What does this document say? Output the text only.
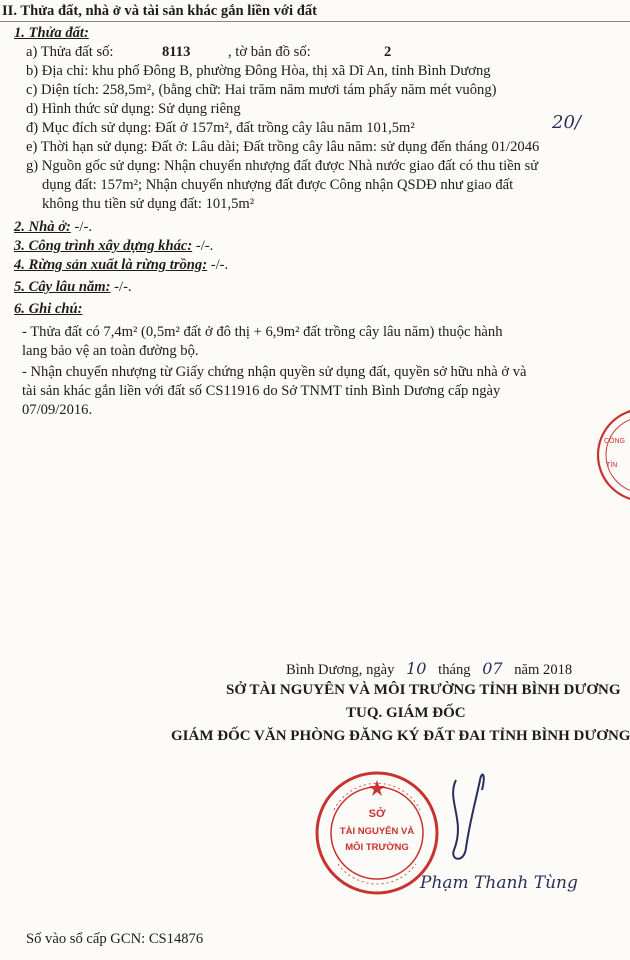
II. Thửa đất, nhà ở và tài sản khác gắn liền với đất
1. Thửa đất:
a) Thửa đất số:	8113	, tờ bản đồ số:	2
b) Địa chỉ: khu phố Đông B, phường Đông Hòa, thị xã Dĩ An, tỉnh Bình Dương
c) Diện tích: 258,5m², (bằng chữ: Hai trăm năm mươi tám phẩy năm mét vuông)
d) Hình thức sử dụng: Sử dụng riêng
đ) Mục đích sử dụng: Đất ở 157m², đất trồng cây lâu năm 101,5m²	20/
e) Thời hạn sử dụng: Đất ở: Lâu dài; Đất trồng cây lâu năm: sử dụng đến tháng 01/2046
g) Nguồn gốc sử dụng: Nhận chuyển nhượng đất được Nhà nước giao đất có thu tiền sử
dụng đất: 157m²; Nhận chuyển nhượng đất được Công nhận QSDĐ như giao đất
không thu tiền sử dụng đất: 101,5m²
2. Nhà ở: -/-.
3. Công trình xây dựng khác: -/-.
4. Rừng sản xuất là rừng trồng: -/-.
5. Cây lâu năm: -/-.
6. Ghi chú:
- Thửa đất có 7,4m² (0,5m² đất ở đô thị + 6,9m² đất trồng cây lâu năm) thuộc hành
lang bảo vệ an toàn đường bộ.
- Nhận chuyển nhượng từ Giấy chứng nhận quyền sử dụng đất, quyền sở hữu nhà ở và
tài sản khác gắn liền với đất số CS11916 do Sở TNMT tỉnh Bình Dương cấp ngày
07/09/2016.
CÔNG
TỈN
Bình Dương, ngày 10 tháng 07 năm 2018
SỞ TÀI NGUYÊN VÀ MÔI TRƯỜNG TỈNH BÌNH DƯƠNG
TUQ. GIÁM ĐỐC
GIÁM ĐỐC VĂN PHÒNG ĐĂNG KÝ ĐẤT ĐAI TỈNH BÌNH DƯƠNG
SỞ
TÀI NGUYÊN VÀ
MÔI TRƯỜNG
Phạm Thanh Tùng
Số vào sổ cấp GCN: CS14876
